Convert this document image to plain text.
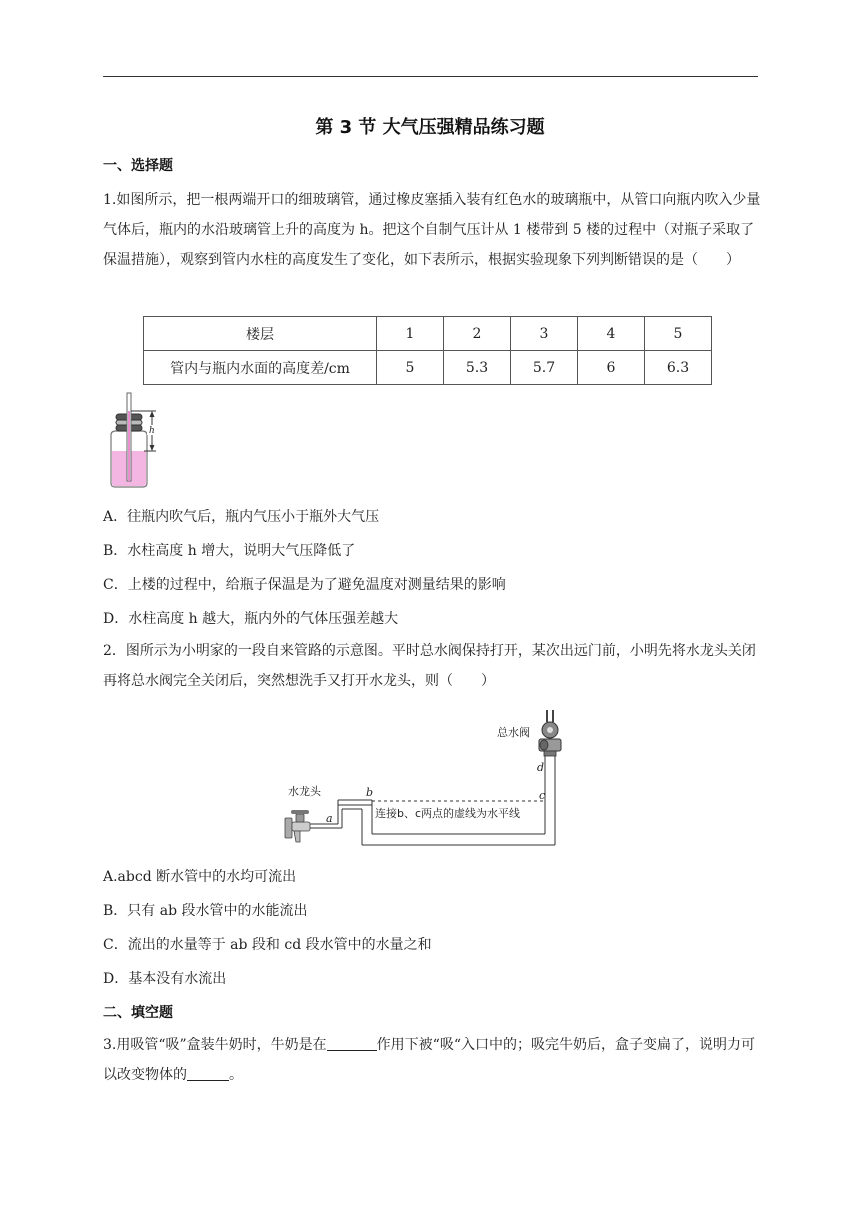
第 3 节 大气压强精品练习题
一、选择题
1.如图所示，把一根两端开口的细玻璃管，通过橡皮塞插入装有红色水的玻璃瓶中，从管口向瓶内吹入少量气体后，瓶内的水沿玻璃管上升的高度为 h。把这个自制气压计从 1 楼带到 5 楼的过程中（对瓶子采取了保温措施），观察到管内水柱的高度发生了变化，如下表所示，根据实验现象下列判断错误的是（　　）
楼层	1	2	3	4	5
管内与瓶内水面的高度差/cm	5	5.3	5.7	6	6.3
h
A．往瓶内吹气后，瓶内气压小于瓶外大气压
B．水柱高度 h 增大，说明大气压降低了
C．上楼的过程中，给瓶子保温是为了避免温度对测量结果的影响
D．水柱高度 h 越大，瓶内外的气体压强差越大
2．图所示为小明家的一段自来管路的示意图。平时总水阀保持打开，某次出远门前，小明先将水龙头关闭再将总水阀完全关闭后，突然想洗手又打开水龙头，则（　　）
总水阀
d
c
b
a	连接b、c两点的虚线为水平线
水龙头
A.abcd 断水管中的水均可流出
B．只有 ab 段水管中的水能流出
C．流出的水量等于 ab 段和 cd 段水管中的水量之和
D．基本没有水流出
二、填空题
3.用吸管“吸”盒装牛奶时，牛奶是在	作用下被“吸“入口中的；吸完牛奶后，盒子变扁了，说明力可以改变物体的	。
